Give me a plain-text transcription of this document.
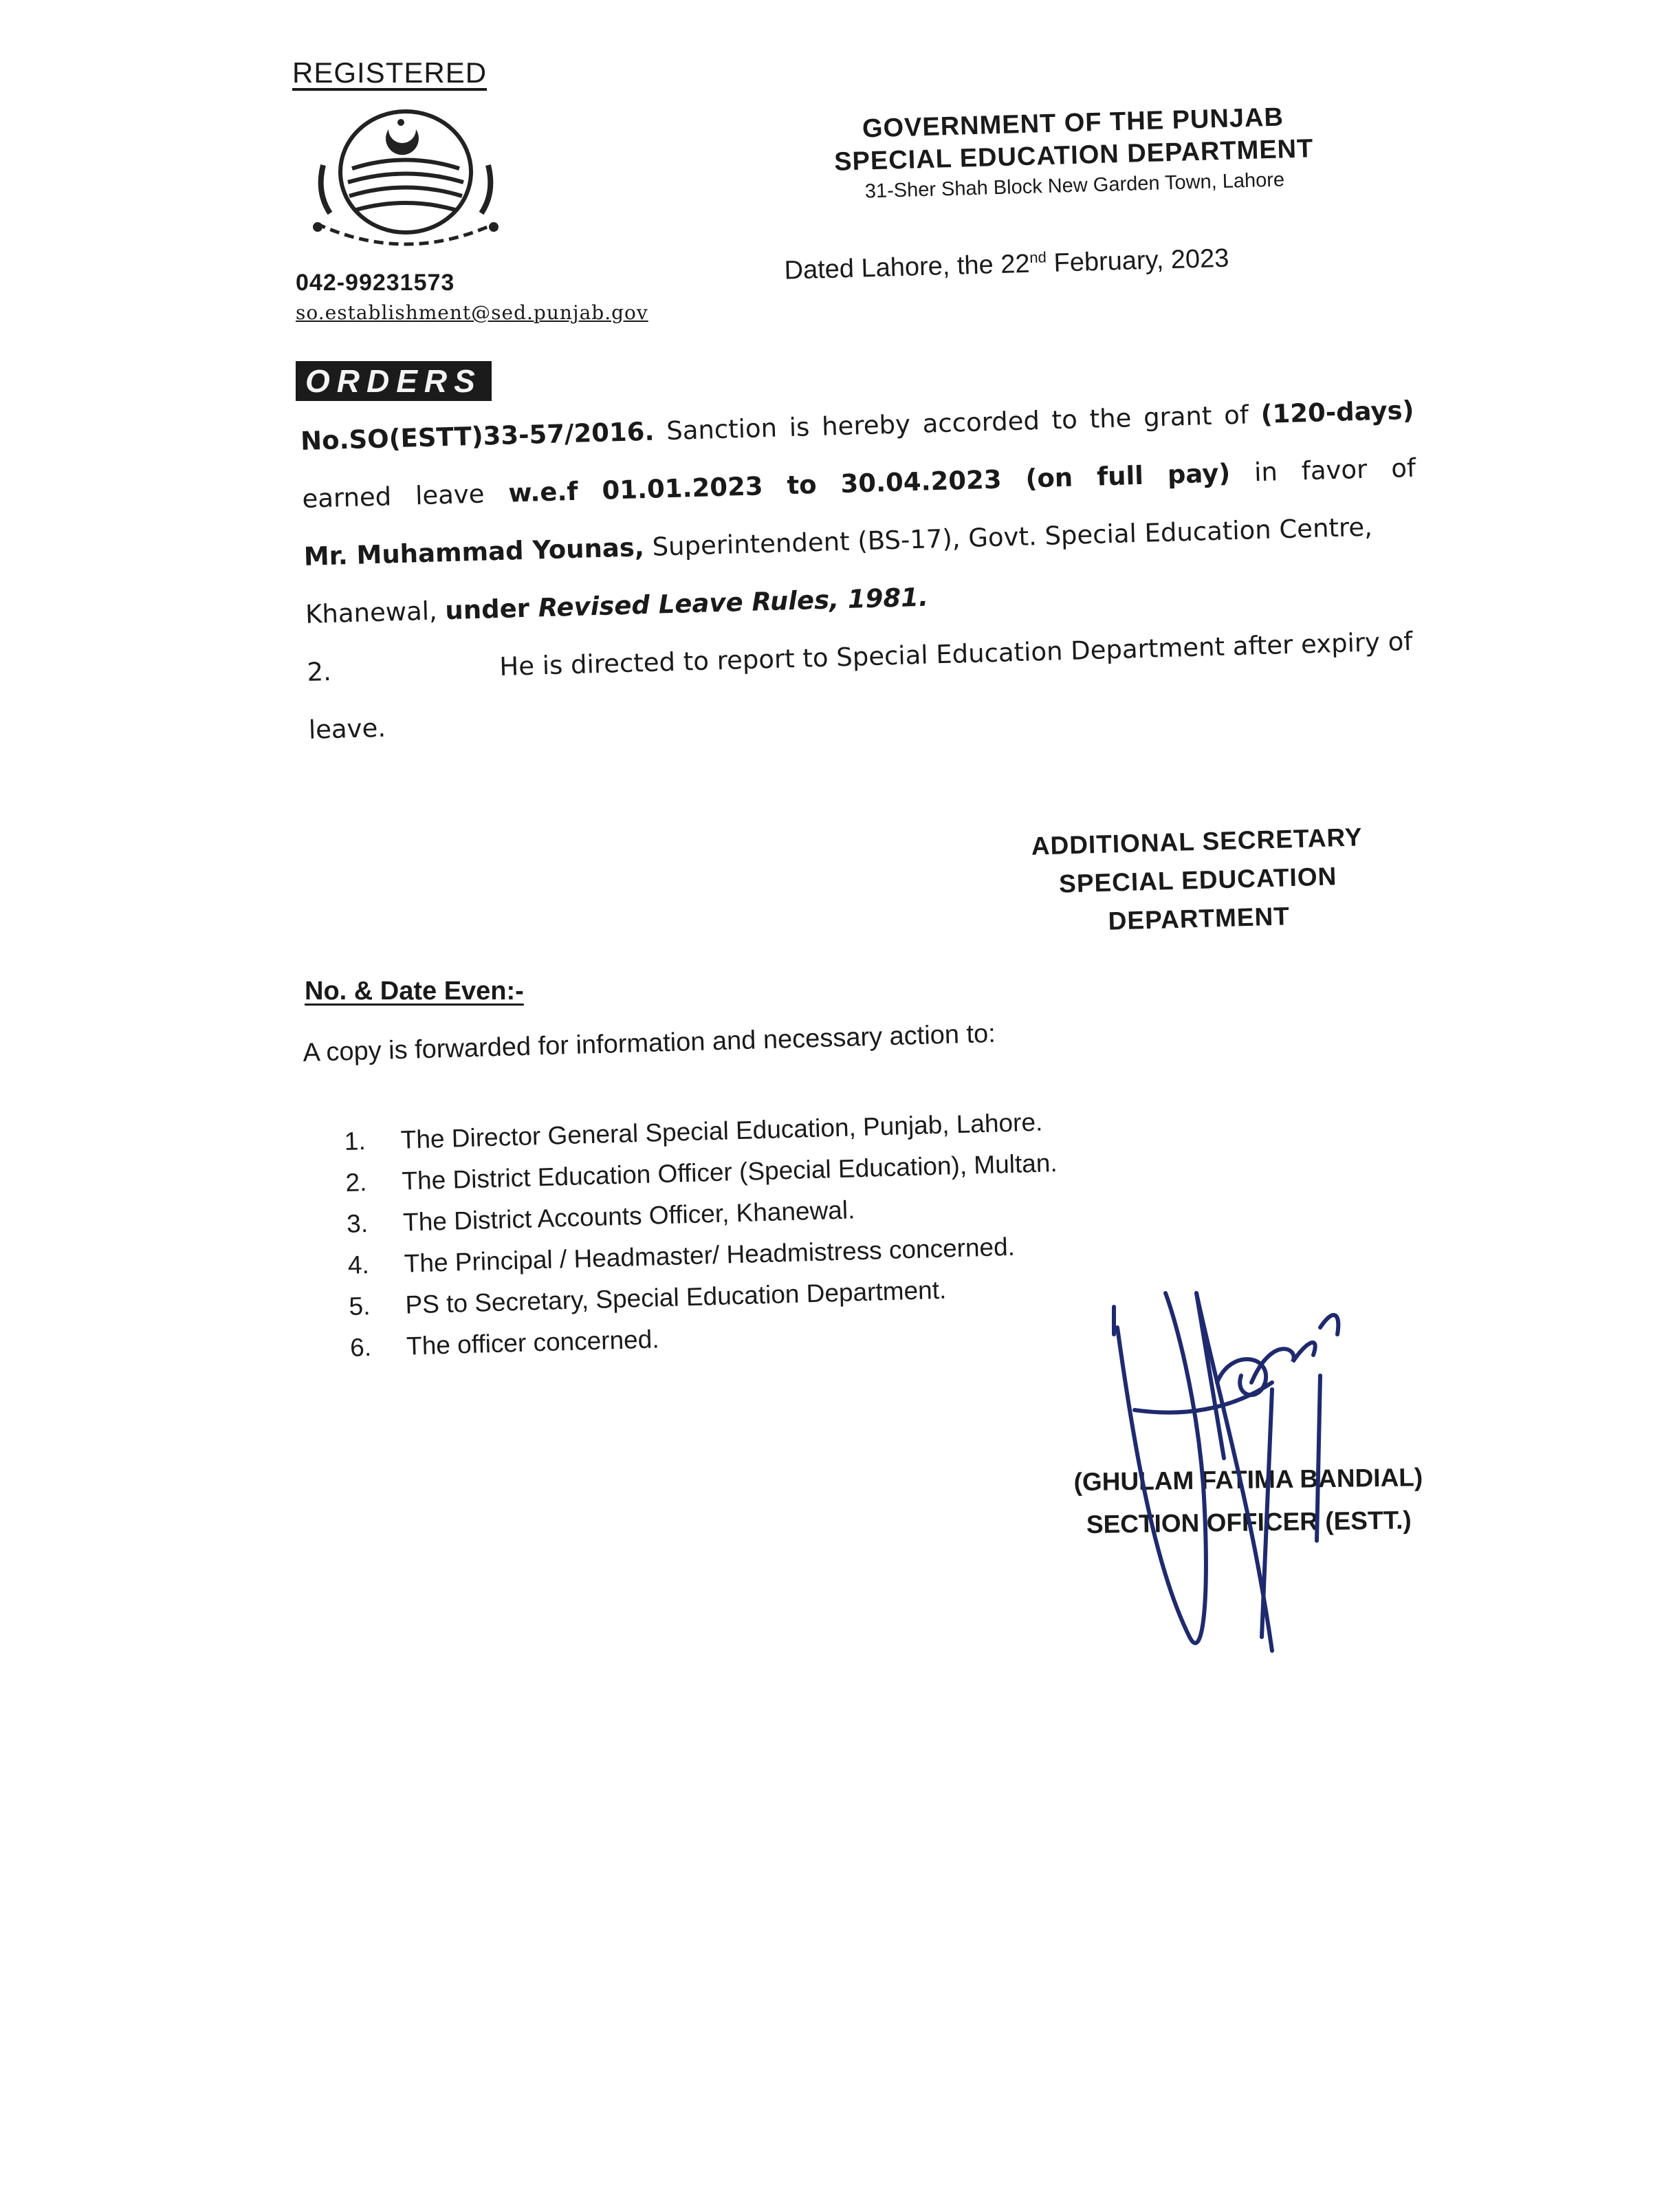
REGISTERED
042-99231573
so.establishment@sed.punjab.gov
GOVERNMENT OF THE PUNJAB
SPECIAL EDUCATION DEPARTMENT
31-Sher Shah Block New Garden Town, Lahore
Dated Lahore, the 22nd February, 2023
ORDERS
No.SO(ESTT)33-57/2016. Sanction is hereby accorded to the grant of (120-days)
earned leave w.e.f 01.01.2023 to 30.04.2023 (on full pay) in favor of
Mr. Muhammad Younas, Superintendent (BS-17), Govt. Special Education Centre,
Khanewal, under Revised Leave Rules, 1981.
2.	He is directed to report to Special Education Department after expiry of
leave.
ADDITIONAL SECRETARY
SPECIAL EDUCATION
DEPARTMENT
No. & Date Even:-
A copy is forwarded for information and necessary action to:
1. The Director General Special Education, Punjab, Lahore.
2. The District Education Officer (Special Education), Multan.
3. The District Accounts Officer, Khanewal.
4. The Principal / Headmaster/ Headmistress concerned.
5. PS to Secretary, Special Education Department.
6. The officer concerned.
(GHULAM FATIMA BANDIAL)
SECTION OFFICER (ESTT.)
